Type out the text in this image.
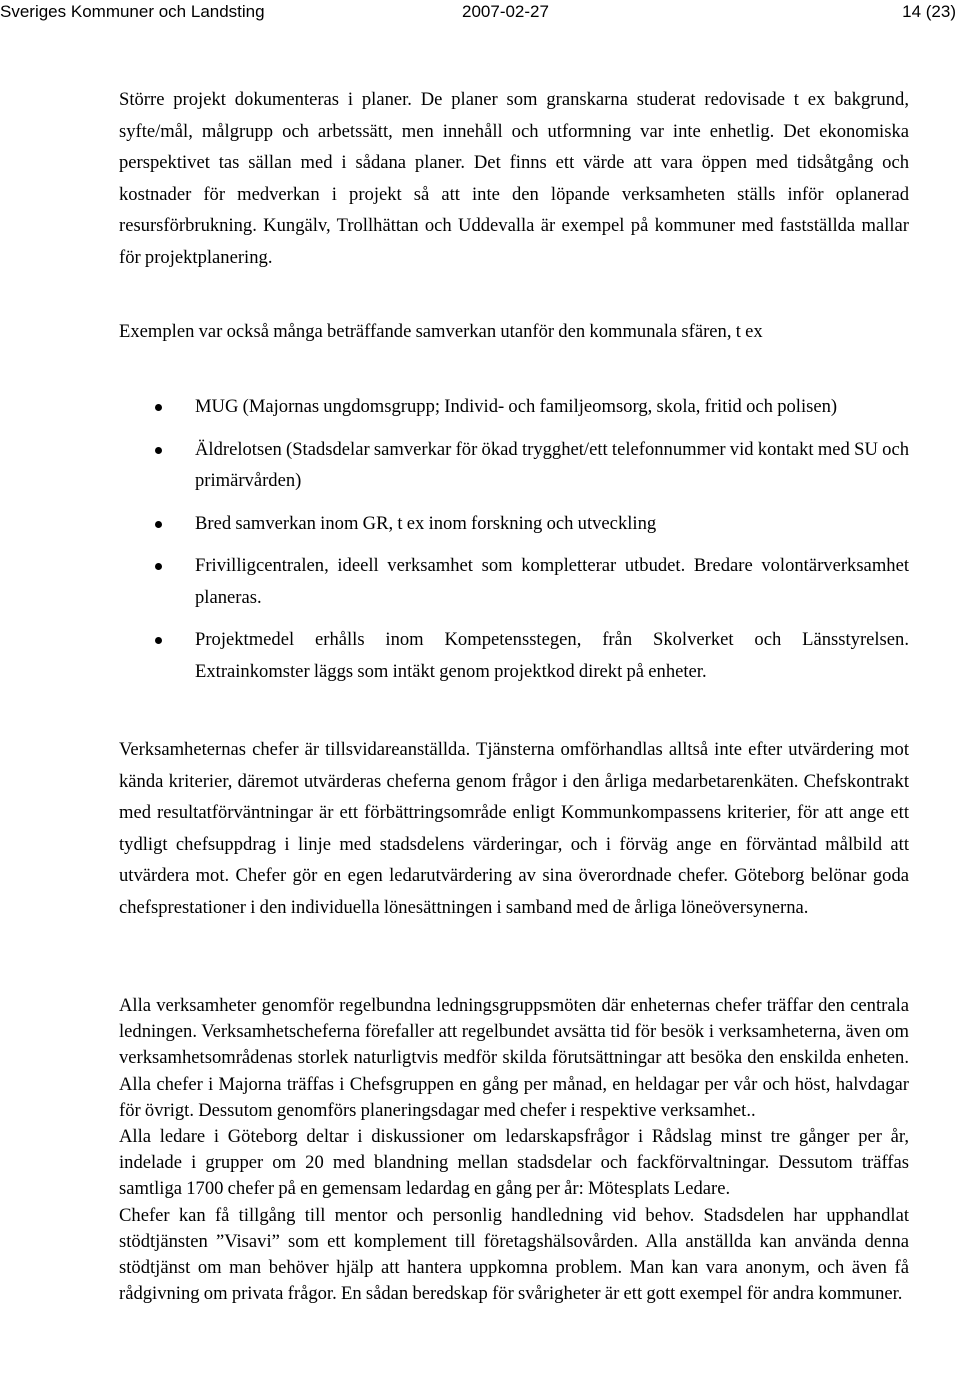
Sveriges Kommuner och Landsting	2007-02-27	14 (23)

Större projekt dokumenteras i planer. De planer som granskarna studerat redovisade t ex bakgrund, syfte/mål, målgrupp och arbetssätt, men innehåll och utformning var inte enhetlig. Det ekonomiska perspektivet tas sällan med i sådana planer. Det finns ett värde att vara öppen med tidsåtgång och kostnader för medverkan i projekt så att inte den löpande verksamheten ställs inför oplanerad resursförbrukning. Kungälv, Trollhättan och Uddevalla är exempel på kommuner med fastställda mallar för projektplanering.

Exemplen var också många beträffande samverkan utanför den kommunala sfären, t ex

MUG (Majornas ungdomsgrupp; Individ- och familjeomsorg, skola, fritid och polisen)
Äldrelotsen (Stadsdelar samverkar för ökad trygghet/ett telefonnummer vid kontakt med SU och primärvården)
Bred samverkan inom GR, t ex inom forskning och utveckling
Frivilligcentralen, ideell verksamhet som kompletterar utbudet. Bredare volontärverksamhet planeras.
Projektmedel erhålls inom Kompetensstegen, från Skolverket och Länsstyrelsen. Extrainkomster läggs som intäkt genom projektkod direkt på enheter.

Verksamheternas chefer är tillsvidareanställda. Tjänsterna omförhandlas alltså inte efter utvärdering mot kända kriterier, däremot utvärderas cheferna genom frågor i den årliga medarbetarenkäten. Chefskontrakt med resultatförväntningar är ett förbättringsområde enligt Kommunkompassens kriterier, för att ange ett tydligt chefsuppdrag i linje med stadsdelens värderingar, och i förväg ange en förväntad målbild att utvärdera mot. Chefer gör en egen ledarutvärdering av sina överordnade chefer. Göteborg belönar goda chefsprestationer i den individuella lönesättningen i samband med de årliga löneöversynerna.

Alla verksamheter genomför regelbundna ledningsgruppsmöten där enheternas chefer träffar den centrala ledningen. Verksamhetscheferna förefaller att regelbundet avsätta tid för besök i verksamheterna, även om verksamhetsområdenas storlek naturligtvis medför skilda förutsättningar att besöka den enskilda enheten. Alla chefer i Majorna träffas i Chefsgruppen en gång per månad, en heldagar per vår och höst, halvdagar för övrigt. Dessutom genomförs planeringsdagar med chefer i respektive verksamhet..
Alla ledare i Göteborg deltar i diskussioner om ledarskapsfrågor i Rådslag minst tre gånger per år, indelade i grupper om 20 med blandning mellan stadsdelar och fackförvaltningar. Dessutom träffas samtliga 1700 chefer på en gemensam ledardag en gång per år: Mötesplats Ledare.
Chefer kan få tillgång till mentor och personlig handledning vid behov. Stadsdelen har upphandlat stödtjänsten ”Visavi” som ett komplement till företagshälsovården. Alla anställda kan använda denna stödtjänst om man behöver hjälp att hantera uppkomna problem. Man kan vara anonym, och även få rådgivning om privata frågor. En sådan beredskap för svårigheter är ett gott exempel för andra kommuner.
